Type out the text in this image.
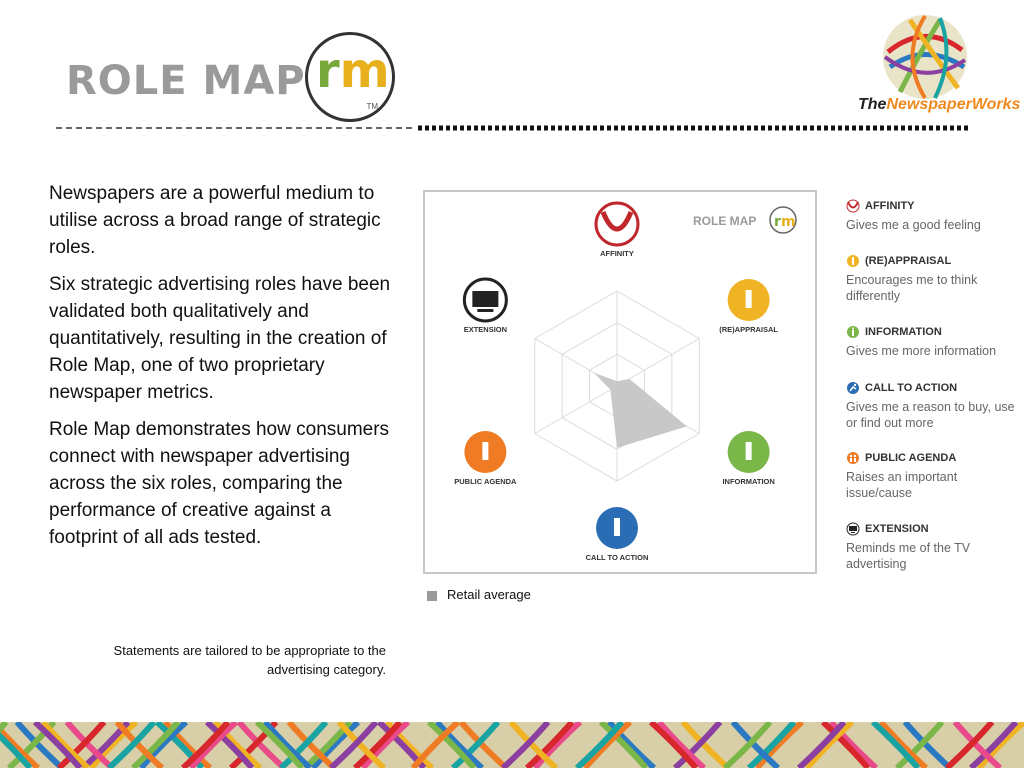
ROLE MAP rm
TM	TheNewspaperWorks

Newspapers are a powerful medium to utilise across a broad range of strategic roles.

Six strategic advertising roles have been validated both qualitatively and quantitatively, resulting in the creation of Role Map, one of two proprietary newspaper metrics.

Role Map demonstrates how consumers connect with newspaper advertising across the six roles, comparing the performance of creative against a footprint of all ads tested.

Statements are tailored to be appropriate to the advertising category.
AFFINITY
(RE)APPRAISAL
INFORMATION
CALL TO ACTION
PUBLIC AGENDA
EXTENSION
ROLE MAP r m
Retail average
AFFINITY
Gives me a good feeling
(RE)APPRAISAL
Encourages me to think differently
INFORMATION
Gives me more information
CALL TO ACTION
Gives me a reason to buy, use or find out more
PUBLIC AGENDA
Raises an important issue/cause
EXTENSION
Reminds me of the TV advertising
